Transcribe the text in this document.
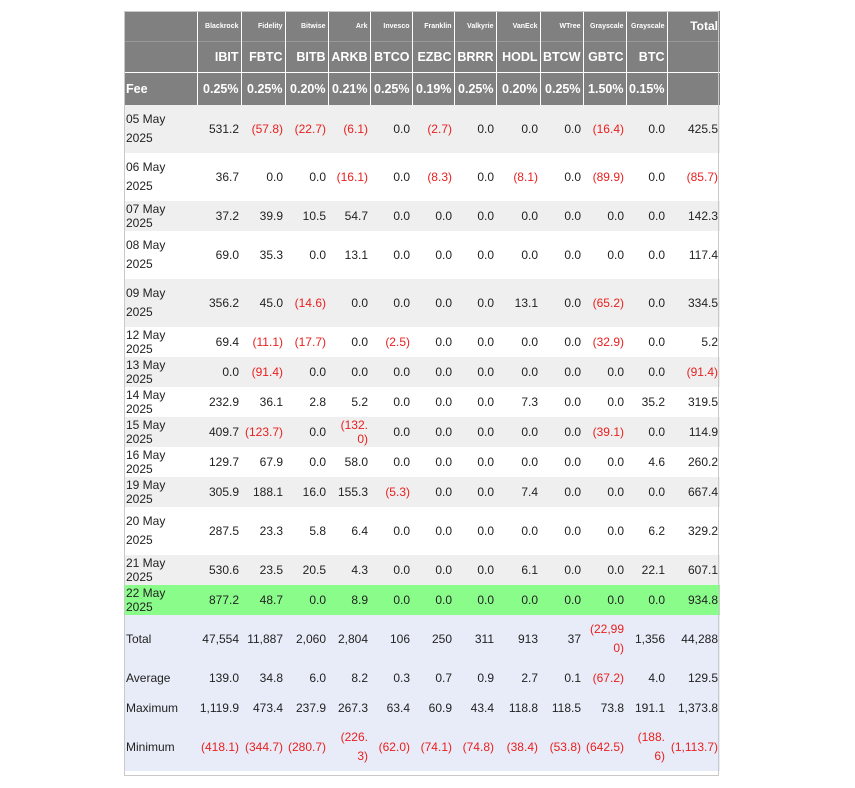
	Blackrock	Fidelity	Bitwise	Ark	Invesco	Franklin	Valkyrie	VanEck	WTree	Grayscale	Grayscale	Total
	IBIT	FBTC	BITB	ARKB	BTCO	EZBC	BRRR	HODL	BTCW	GBTC	BTC	
Fee	0.25%	0.25%	0.20%	0.21%	0.25%	0.19%	0.25%	0.20%	0.25%	1.50%	0.15%	
05 May 2025	531.2	(57.8)	(22.7)	(6.1)	0.0	(2.7)	0.0	0.0	0.0	(16.4)	0.0	425.5
06 May 2025	36.7	0.0	0.0	(16.1)	0.0	(8.3)	0.0	(8.1)	0.0	(89.9)	0.0	(85.7)
07 May 2025	37.2	39.9	10.5	54.7	0.0	0.0	0.0	0.0	0.0	0.0	0.0	142.3
08 May 2025	69.0	35.3	0.0	13.1	0.0	0.0	0.0	0.0	0.0	0.0	0.0	117.4
09 May 2025	356.2	45.0	(14.6)	0.0	0.0	0.0	0.0	13.1	0.0	(65.2)	0.0	334.5
12 May 2025	69.4	(11.1)	(17.7)	0.0	(2.5)	0.0	0.0	0.0	0.0	(32.9)	0.0	5.2
13 May 2025	0.0	(91.4)	0.0	0.0	0.0	0.0	0.0	0.0	0.0	0.0	0.0	(91.4)
14 May 2025	232.9	36.1	2.8	5.2	0.0	0.0	0.0	7.3	0.0	0.0	35.2	319.5
15 May 2025	409.7	(123.7)	0.0	(132.0)	0.0	0.0	0.0	0.0	0.0	(39.1)	0.0	114.9
16 May 2025	129.7	67.9	0.0	58.0	0.0	0.0	0.0	0.0	0.0	0.0	4.6	260.2
19 May 2025	305.9	188.1	16.0	155.3	(5.3)	0.0	0.0	7.4	0.0	0.0	0.0	667.4
20 May 2025	287.5	23.3	5.8	6.4	0.0	0.0	0.0	0.0	0.0	0.0	6.2	329.2
21 May 2025	530.6	23.5	20.5	4.3	0.0	0.0	0.0	6.1	0.0	0.0	22.1	607.1
22 May 2025	877.2	48.7	0.0	8.9	0.0	0.0	0.0	0.0	0.0	0.0	0.0	934.8
Total	47,554	11,887	2,060	2,804	106	250	311	913	37	(22,990)	1,356	44,288
Average	139.0	34.8	6.0	8.2	0.3	0.7	0.9	2.7	0.1	(67.2)	4.0	129.5
Maximum	1,119.9	473.4	237.9	267.3	63.4	60.9	43.4	118.8	118.5	73.8	191.1	1,373.8
Minimum	(418.1)	(344.7)	(280.7)	(226.3)	(62.0)	(74.1)	(74.8)	(38.4)	(53.8)	(642.5)	(188.6)	(1,113.7)
